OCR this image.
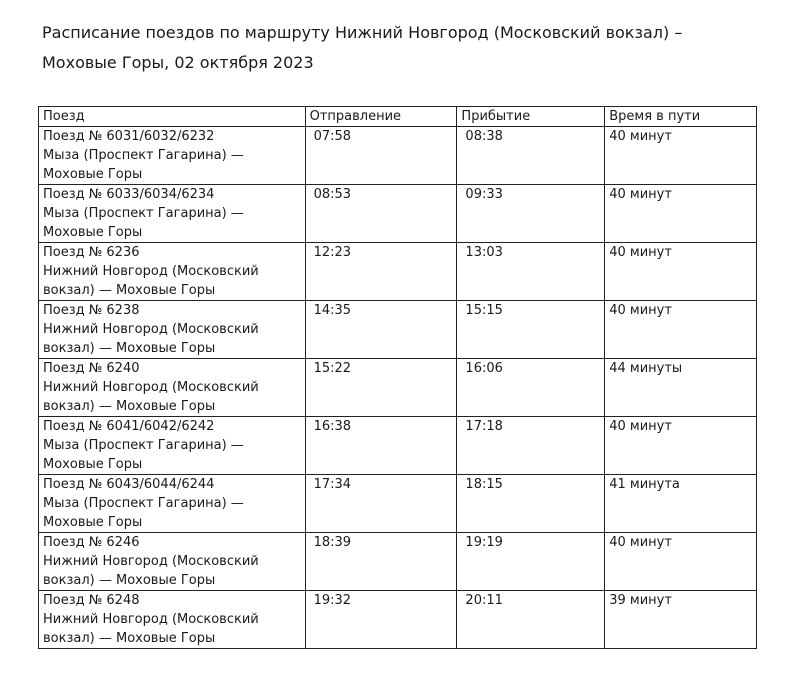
Расписание поездов по маршруту Нижний Новгород (Московский вокзал) –
Моховые Горы, 02 октября 2023
Поезд	Отправление	Прибытие	Время в пути

Поезд № 6031/6032/6232
Мыза (Проспект Гагарина) —
Моховые Горы	07:58	08:38	40 минут

Поезд № 6033/6034/6234
Мыза (Проспект Гагарина) —
Моховые Горы	08:53	09:33	40 минут

Поезд № 6236
Нижний Новгород (Московский
вокзал) — Моховые Горы	12:23	13:03	40 минут

Поезд № 6238
Нижний Новгород (Московский
вокзал) — Моховые Горы	14:35	15:15	40 минут

Поезд № 6240
Нижний Новгород (Московский
вокзал) — Моховые Горы	15:22	16:06	44 минуты

Поезд № 6041/6042/6242
Мыза (Проспект Гагарина) —
Моховые Горы	16:38	17:18	40 минут

Поезд № 6043/6044/6244
Мыза (Проспект Гагарина) —
Моховые Горы	17:34	18:15	41 минута

Поезд № 6246
Нижний Новгород (Московский
вокзал) — Моховые Горы	18:39	19:19	40 минут

Поезд № 6248
Нижний Новгород (Московский
вокзал) — Моховые Горы	19:32	20:11	39 минут
